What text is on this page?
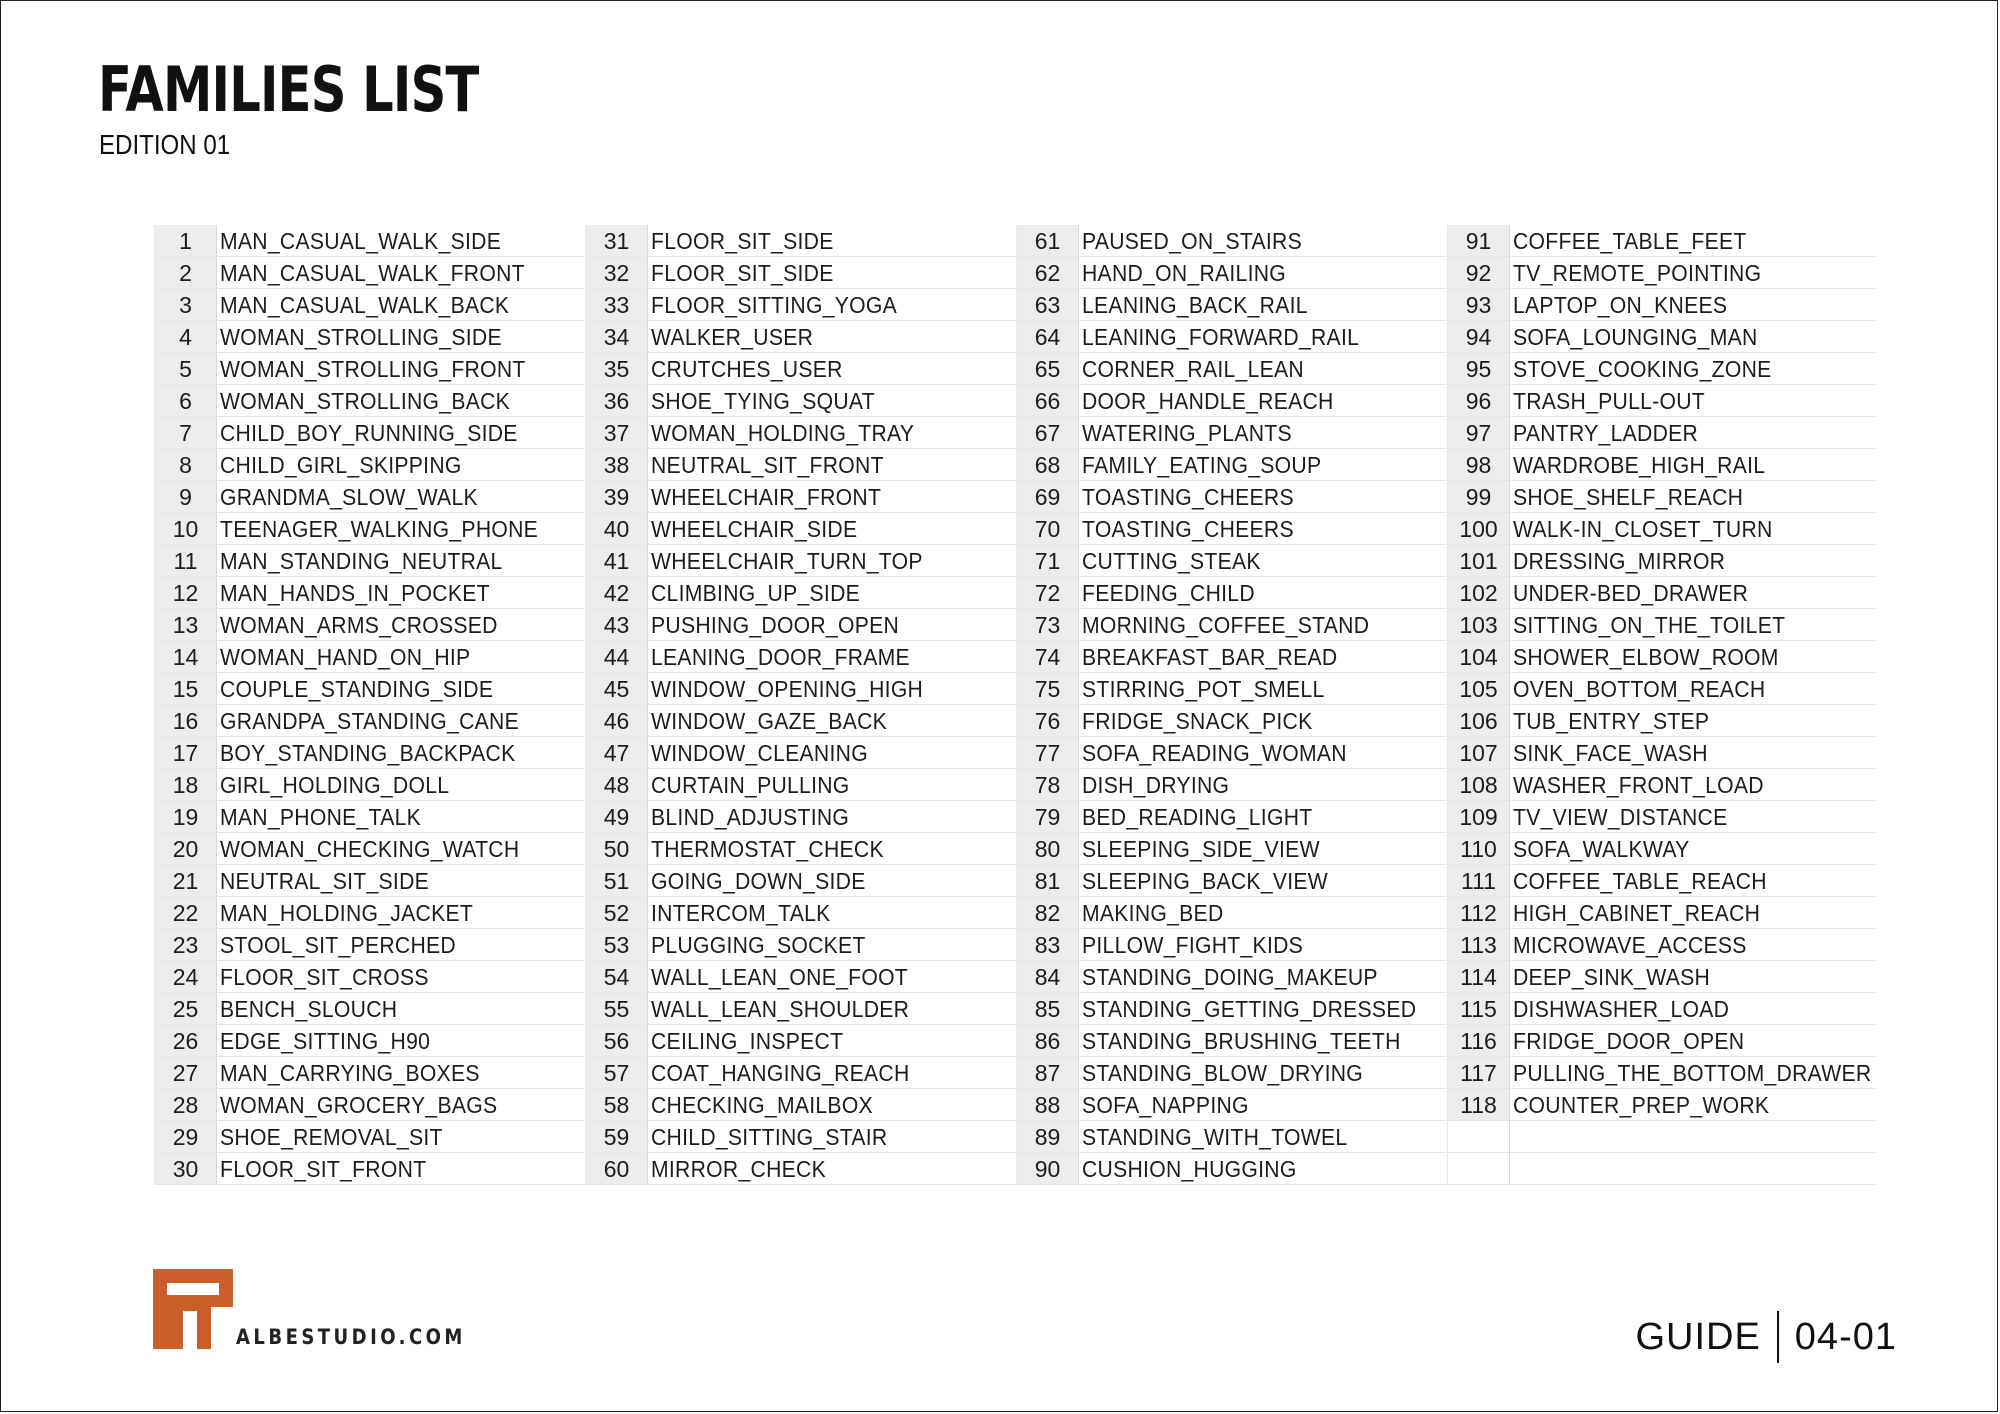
FAMILIES LIST
EDITION 01
1	MAN_CASUAL_WALK_SIDE
2	MAN_CASUAL_WALK_FRONT
3	MAN_CASUAL_WALK_BACK
4	WOMAN_STROLLING_SIDE
5	WOMAN_STROLLING_FRONT
6	WOMAN_STROLLING_BACK
7	CHILD_BOY_RUNNING_SIDE
8	CHILD_GIRL_SKIPPING
9	GRANDMA_SLOW_WALK
10 TEENAGER_WALKING_PHONE
11 MAN_STANDING_NEUTRAL
12 MAN_HANDS_IN_POCKET
13 WOMAN_ARMS_CROSSED
14 WOMAN_HAND_ON_HIP
15 COUPLE_STANDING_SIDE
16 GRANDPA_STANDING_CANE
17 BOY_STANDING_BACKPACK
18 GIRL_HOLDING_DOLL
19 MAN_PHONE_TALK
20 WOMAN_CHECKING_WATCH
21 NEUTRAL_SIT_SIDE
22 MAN_HOLDING_JACKET
23 STOOL_SIT_PERCHED
24 FLOOR_SIT_CROSS
25 BENCH_SLOUCH
26 EDGE_SITTING_H90
27 MAN_CARRYING_BOXES
28 WOMAN_GROCERY_BAGS
29 SHOE_REMOVAL_SIT
30 FLOOR_SIT_FRONT
31 FLOOR_SIT_SIDE
32 FLOOR_SIT_SIDE
33 FLOOR_SITTING_YOGA
34 WALKER_USER
35 CRUTCHES_USER
36 SHOE_TYING_SQUAT
37 WOMAN_HOLDING_TRAY
38 NEUTRAL_SIT_FRONT
39 WHEELCHAIR_FRONT
40 WHEELCHAIR_SIDE
41 WHEELCHAIR_TURN_TOP
42 CLIMBING_UP_SIDE
43 PUSHING_DOOR_OPEN
44 LEANING_DOOR_FRAME
45 WINDOW_OPENING_HIGH
46 WINDOW_GAZE_BACK
47 WINDOW_CLEANING
48 CURTAIN_PULLING
49 BLIND_ADJUSTING
50 THERMOSTAT_CHECK
51 GOING_DOWN_SIDE
52 INTERCOM_TALK
53 PLUGGING_SOCKET
54 WALL_LEAN_ONE_FOOT
55 WALL_LEAN_SHOULDER
56 CEILING_INSPECT
57 COAT_HANGING_REACH
58 CHECKING_MAILBOX
59 CHILD_SITTING_STAIR
60 MIRROR_CHECK
61 PAUSED_ON_STAIRS
62 HAND_ON_RAILING
63 LEANING_BACK_RAIL
64 LEANING_FORWARD_RAIL
65 CORNER_RAIL_LEAN
66 DOOR_HANDLE_REACH
67 WATERING_PLANTS
68 FAMILY_EATING_SOUP
69 TOASTING_CHEERS
70 TOASTING_CHEERS
71 CUTTING_STEAK
72 FEEDING_CHILD
73 MORNING_COFFEE_STAND
74 BREAKFAST_BAR_READ
75 STIRRING_POT_SMELL
76 FRIDGE_SNACK_PICK
77 SOFA_READING_WOMAN
78 DISH_DRYING
79 BED_READING_LIGHT
80 SLEEPING_SIDE_VIEW
81 SLEEPING_BACK_VIEW
82 MAKING_BED
83 PILLOW_FIGHT_KIDS
84 STANDING_DOING_MAKEUP
85 STANDING_GETTING_DRESSED
86 STANDING_BRUSHING_TEETH
87 STANDING_BLOW_DRYING
88 SOFA_NAPPING
89 STANDING_WITH_TOWEL
90 CUSHION_HUGGING
91 COFFEE_TABLE_FEET
92 TV_REMOTE_POINTING
93 LAPTOP_ON_KNEES
94 SOFA_LOUNGING_MAN
95 STOVE_COOKING_ZONE
96 TRASH_PULL-OUT
97 PANTRY_LADDER
98 WARDROBE_HIGH_RAIL
99 SHOE_SHELF_REACH
100 WALK-IN_CLOSET_TURN
101 DRESSING_MIRROR
102 UNDER-BED_DRAWER
103 SITTING_ON_THE_TOILET
104 SHOWER_ELBOW_ROOM
105 OVEN_BOTTOM_REACH
106 TUB_ENTRY_STEP
107 SINK_FACE_WASH
108 WASHER_FRONT_LOAD
109 TV_VIEW_DISTANCE
110 SOFA_WALKWAY
111 COFFEE_TABLE_REACH
112 HIGH_CABINET_REACH
113 MICROWAVE_ACCESS
114 DEEP_SINK_WASH
115 DISHWASHER_LOAD
116 FRIDGE_DOOR_OPEN
117 PULLING_THE_BOTTOM_DRAWER
118 COUNTER_PREP_WORK
ALBESTUDIO.COM	GUIDE 04-01
